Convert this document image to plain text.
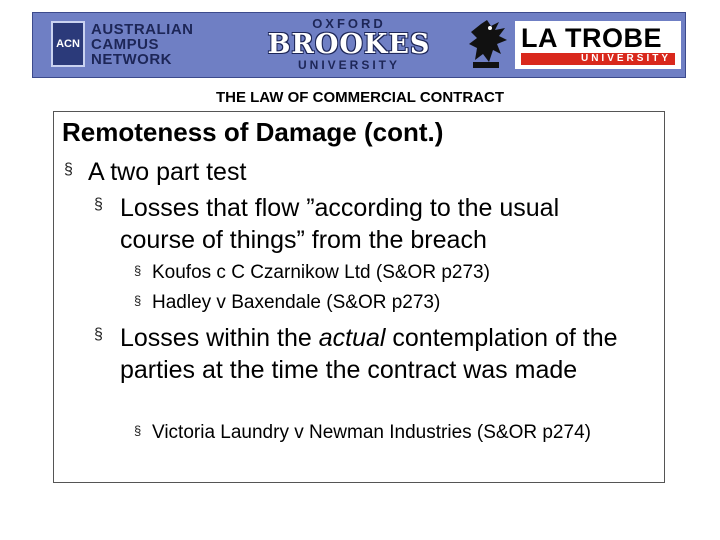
ACN
AUSTRALIAN
CAMPUS
NETWORK
OXFORD
BROOKES
UNIVERSITY
LA TROBE
UNIVERSITY
THE LAW OF COMMERCIAL CONTRACT
Remoteness of Damage (cont.)
§ A two part test
§ Losses that flow ”according to the usual course of things” from the breach
§ Koufos c C Czarnikow Ltd (S&OR p273)
§ Hadley v Baxendale (S&OR p273)
§ Losses within the actual contemplation of the parties at the time the contract was made
§ Victoria Laundry v Newman Industries (S&OR p274)
